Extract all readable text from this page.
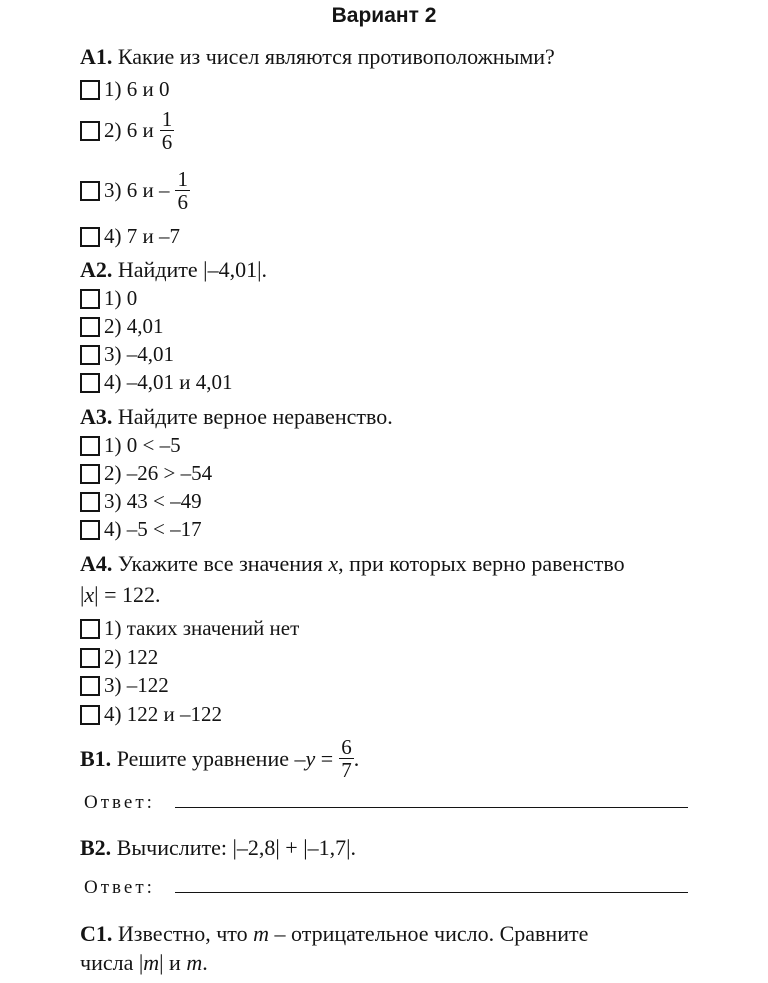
Вариант 2
А1. Какие из чисел являются противоположными?
1) 6 и 0
2) 6 и $\frac{1}{6}$
3) 6 и – $\frac{1}{6}$
4) 7 и –7
А2. Найдите |–4,01|.
1) 0
2) 4,01
3) –4,01
4) –4,01 и 4,01
А3. Найдите верное неравенство.
1) 0 < –5
2) –26 > –54
3) 43 < –49
4) –5 < –17
А4. Укажите все значения x, при которых верно равенство
|x| = 122.
1) таких значений нет
2) 122
3) –122
4) 122 и –122
В1. Решите уравнение – $y = \frac{6}{7}$ .
Ответ:
В2. Вычислите: |–2,8| + |–1,7|.
Ответ:
С1. Известно, что m – отрицательное число. Сравните
числа |m| и m.
